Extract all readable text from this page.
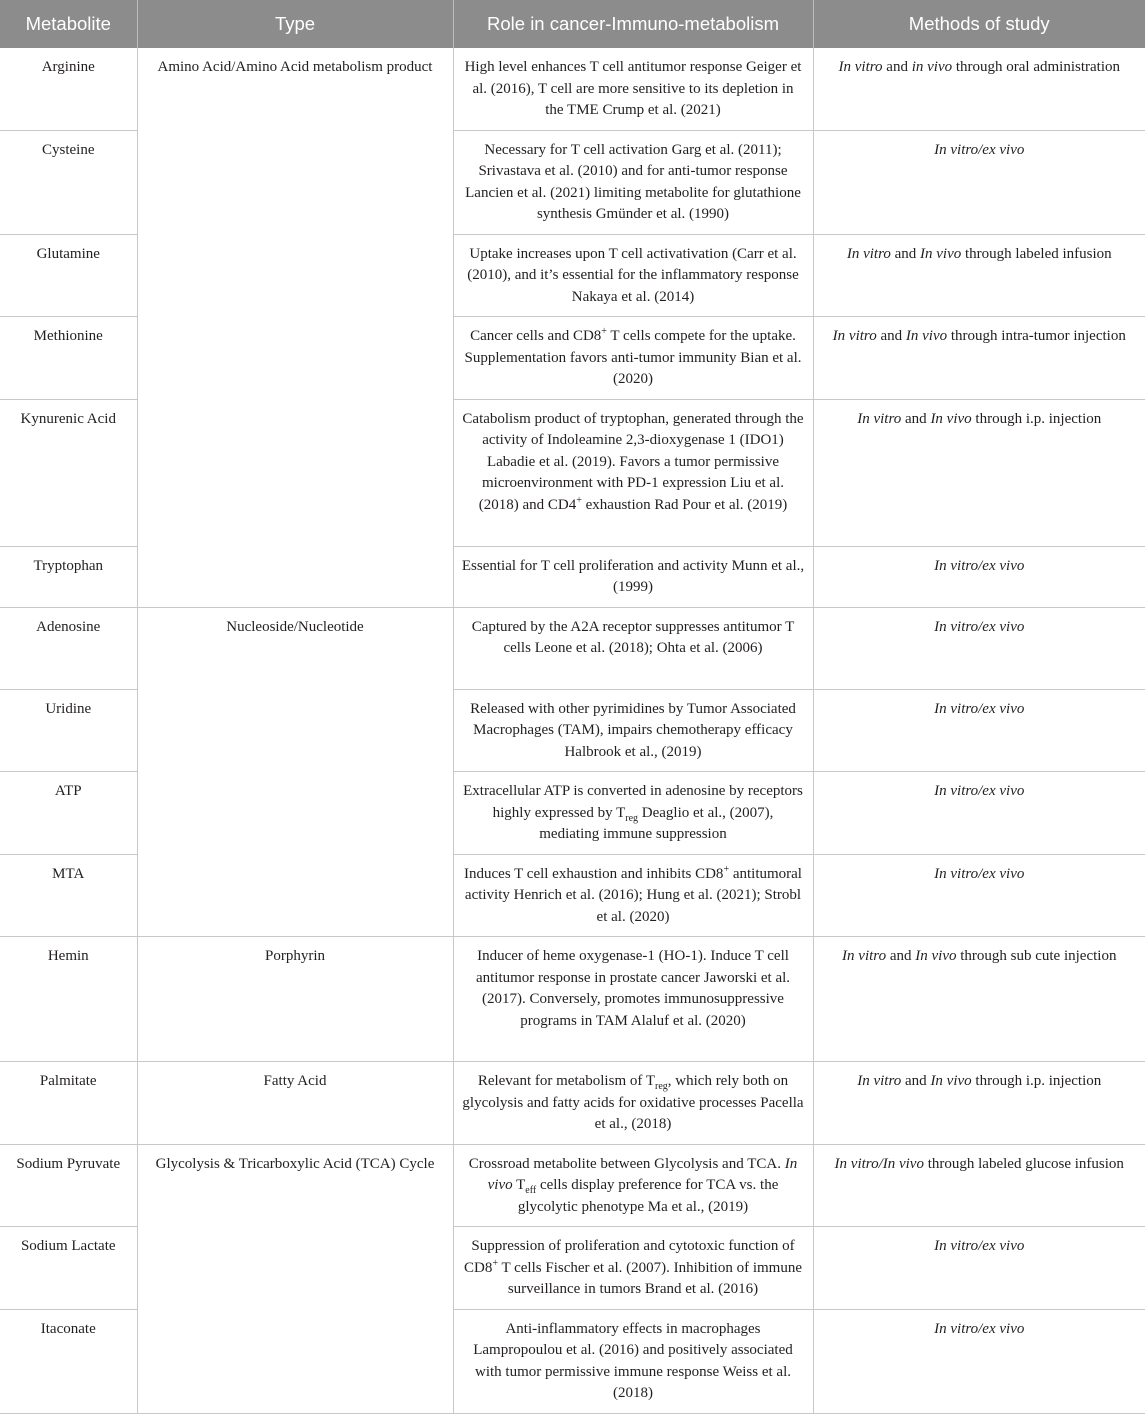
Metabolite	Type	Role in cancer-Immuno-metabolism	Methods of study
Arginine	Amino Acid/Amino Acid metabolism product	High level enhances T cell antitumor response Geiger et al. (2016), T cell are more sensitive to its depletion in the TME Crump et al. (2021)	In vitro and in vivo through oral administration
Cysteine		Necessary for T cell activation Garg et al. (2011); Srivastava et al. (2010) and for anti-tumor response Lancien et al. (2021) limiting metabolite for glutathione synthesis Gmünder et al. (1990)	In vitro/ex vivo
Glutamine		Uptake increases upon T cell activativation (Carr et al. (2010), and it’s essential for the inflammatory response Nakaya et al. (2014)	In vitro and In vivo through labeled infusion
Methionine		Cancer cells and CD8+ T cells compete for the uptake. Supplementation favors anti-tumor immunity Bian et al. (2020)	In vitro and In vivo through intra-tumor injection
Kynurenic Acid		Catabolism product of tryptophan, generated through the activity of Indoleamine 2,3-dioxygenase 1 (IDO1) Labadie et al. (2019). Favors a tumor permissive microenvironment with PD-1 expression Liu et al. (2018) and CD4+ exhaustion Rad Pour et al. (2019)	In vitro and In vivo through i.p. injection
Tryptophan		Essential for T cell proliferation and activity Munn et al., (1999)	In vitro/ex vivo
Adenosine	Nucleoside/Nucleotide	Captured by the A2A receptor suppresses antitumor T cells Leone et al. (2018); Ohta et al. (2006)	In vitro/ex vivo
Uridine		Released with other pyrimidines by Tumor Associated Macrophages (TAM), impairs chemotherapy efficacy Halbrook et al., (2019)	In vitro/ex vivo
ATP		Extracellular ATP is converted in adenosine by receptors highly expressed by $T_{reg}$ Deaglio et al., (2007), mediating immune suppression	In vitro/ex vivo
MTA		Induces T cell exhaustion and inhibits CD8+ antitumoral activity Henrich et al. (2016); Hung et al. (2021); Strobl et al. (2020)	In vitro/ex vivo
Hemin	Porphyrin	Inducer of heme oxygenase-1 (HO-1). Induce T cell antitumor response in prostate cancer Jaworski et al. (2017). Conversely, promotes immunosuppressive programs in TAM Alaluf et al. (2020)	In vitro and In vivo through sub cute injection
Palmitate	Fatty Acid	Relevant for metabolism of $T_{reg}$, which rely both on glycolysis and fatty acids for oxidative processes Pacella et al., (2018)	In vitro and In vivo through i.p. injection
Sodium Pyruvate	Glycolysis & Tricarboxylic Acid (TCA) Cycle	Crossroad metabolite between Glycolysis and TCA. In vivo $T_{eff}$ cells display preference for TCA vs. the glycolytic phenotype Ma et al., (2019)	In vitro/In vivo through labeled glucose infusion
Sodium Lactate		Suppression of proliferation and cytotoxic function of CD8+ T cells Fischer et al. (2007). Inhibition of immune surveillance in tumors Brand et al. (2016)	In vitro/ex vivo
Itaconate		Anti-inflammatory effects in macrophages Lampropoulou et al. (2016) and positively associated with tumor permissive immune response Weiss et al. (2018)	In vitro/ex vivo
